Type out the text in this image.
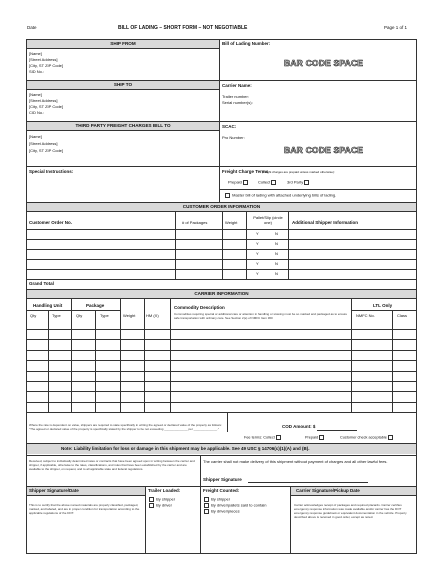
Date	BILL OF LADING – SHORT FORM – NOT NEGOTIABLE	Page 1 of 1
SHIP FROM
[Name]
[Street Address]
[City, ST ZIP Code]
SID No.:
Bill of Lading Number:
BAR CODE SPACE
SHIP TO
[Name]
[Street Address]
[City, ST ZIP Code]
CID No.:
Carrier Name:
Trailer number:
Serial number(s):
THIRD PARTY FREIGHT CHARGES BILL TO
[Name]
[Street Address]
[City, ST ZIP Code]
SCAC:
Pro Number:
BAR CODE SPACE
Special Instructions:	Freight Charge Terms
(freight charges are prepaid unless marked otherwise):
Prepaid	Collect	3rd Party
Master bill of lading with attached underlying bills of lading.
CUSTOMER ORDER INFORMATION
Customer Order No.	# of Packages	Weight
Pallet/Slip (circle one)	Additional Shipper Information
Y	N
Y	N
Y	N
Y	N
Y	N
Grand Total
CARRIER INFORMATION
Handling Unit	Package	LTL Only
Qty	Type	Qty	Type	Weight	HM (X)
Commodity Description
Commodities requiring special or additional care or attention in handling or stowing must be so marked and packaged as to ensure safe transportation with ordinary care. See Section 2(e) of NMFC Item 360	NMFC No.	Class
Where the rate is dependent on value, shippers are required to state specifically in writing the agreed or declared value of the property as follows: "The agreed or declared value of the property is specifically stated by the shipper to be not exceeding ______________ per ______________."	COD Amount: $
Fee terms: Collect	Prepaid	Customer check acceptable
Note: Liability limitation for loss or damage in this shipment may be applicable. See 49 USC § 14706(c)(1)(A) and (B).
Received, subject to individually determined rates or contracts that have been agreed upon in writing between the carrier and shipper, if applicable, otherwise to the rates, classifications, and rules that have been established by the carrier and are available to the shipper, on request, and to all applicable state and federal regulations.
The carrier shall not make delivery of this shipment without payment of charges and all other lawful fees.
Shipper Signature
Shipper Signature/Date	Trailer Loaded:	Freight Counted:	Carrier Signature/Pickup Date
This is to certify that the above named materials are properly classified, packaged, marked, and labeled, and are in proper condition for transportation according to the applicable regulations of the DOT.
By shipper
By driver
By shipper
By driver/pallets said to contain
By driver/pieces
Carrier acknowledges receipt of packages and required placards. Carrier certifies emergency response information was made available and/or carrier has the DOT emergency response guidebook or equivalent documentation in the vehicle. Property described above is received in good order, except as noted.
